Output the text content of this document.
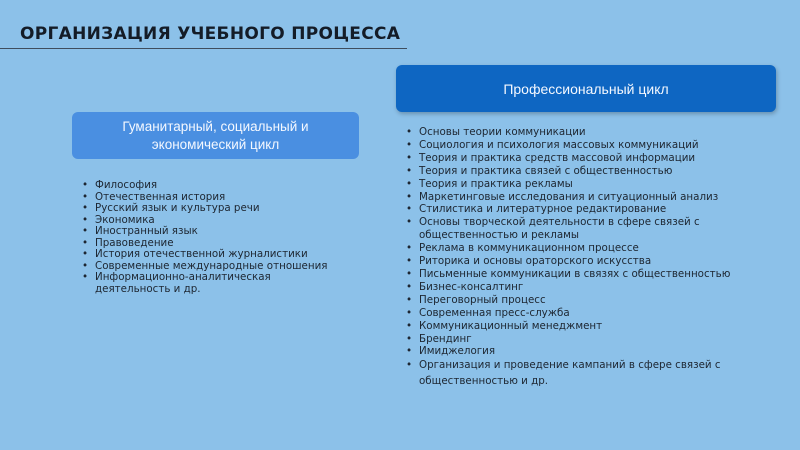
ОРГАНИЗАЦИЯ УЧЕБНОГО ПРОЦЕССА
Профессиональный цикл
Гуманитарный, социальный и
экономический цикл
• Философия
• Отечественная история
• Русский язык и культура речи
• Экономика
• Иностранный язык
• Правоведение
• История отечественной журналистики
• Современные международные отношения
• Информационно-аналитическая деятельность и др.
• Основы теории коммуникации
• Социология и психология массовых коммуникаций
• Теория и практика средств массовой информации
• Теория и практика связей с общественностью
• Теория и практика рекламы
• Маркетинговые исследования и ситуационный анализ
• Стилистика и литературное редактирование
• Основы творческой деятельности в сфере связей с общественностью и рекламы
• Реклама в коммуникационном процессе
• Риторика и основы ораторского искусства
• Письменные коммуникации в связях с общественностью
• Бизнес-консалтинг
• Переговорный процесс
• Современная пресс-служба
• Коммуникационный менеджмент
• Брендинг
• Имиджелогия
• Организация и проведение кампаний в сфере связей с общественностью и др.
